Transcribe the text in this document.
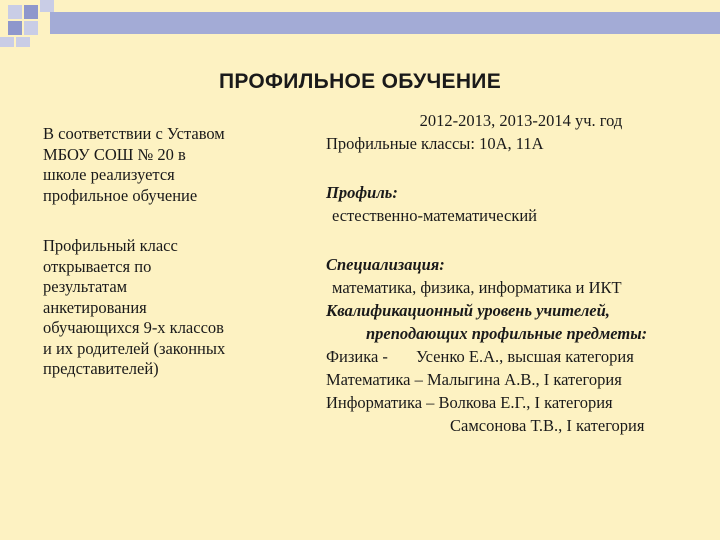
ПРОФИЛЬНОЕ ОБУЧЕНИЕ

В соответствии с Уставом
МБОУ СОШ № 20 в
школе реализуется
профильное обучение

Профильный класс
открывается по
результатам
анкетирования
обучающихся 9-х классов
и их родителей (законных
представителей)

2012-2013, 2013-2014 уч. год
Профильные классы: 10А, 11А
Профиль:
естественно-математический
Специализация:
математика, физика, информатика и ИКТ
Квалификационный уровень учителей,
преподающих профильные предметы:
Физика - Усенко Е.А., высшая категория
Математика – Малыгина А.В., I категория
Информатика – Волкова Е.Г., I категория
Самсонова Т.В., I категория
